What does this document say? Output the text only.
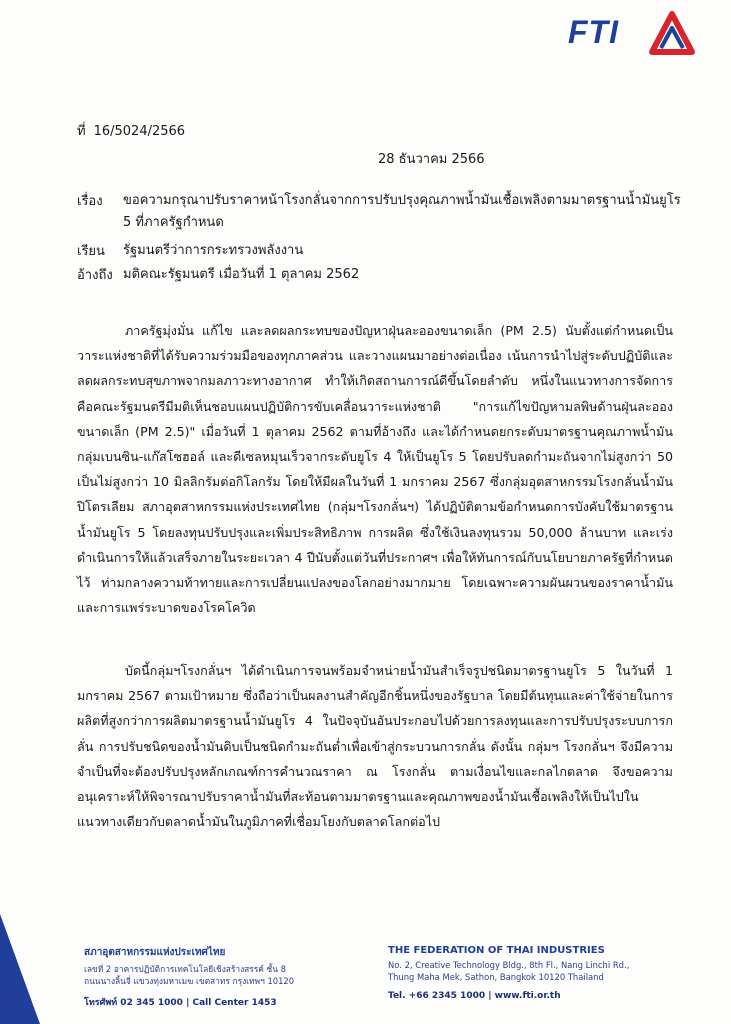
FTI
ที่ 16/5024/2566
28 ธันวาคม 2566
เรื่อง	ขอความกรุณาปรับราคาหน้าโรงกลั่นจากการปรับปรุงคุณภาพน้ำมันเชื้อเพลิงตามมาตรฐานน้ำมันยูโร 5 ที่ภาครัฐกำหนด
เรียน	รัฐมนตรีว่าการกระทรวงพลังงาน
อ้างถึง มติคณะรัฐมนตรี เมื่อวันที่ 1 ตุลาคม 2562
ภาครัฐมุ่งมั่น แก้ไข และลดผลกระทบของปัญหาฝุ่นละอองขนาดเล็ก (PM 2.5) นับตั้งแต่กำหนดเป็นวาระแห่งชาติที่ได้รับความร่วมมือของทุกภาคส่วน และวางแผนมาอย่างต่อเนื่อง เน้นการนำไปสู่ระดับปฏิบัติและลดผลกระทบสุขภาพจากมลภาวะทางอากาศ ทำให้เกิดสถานการณ์ดีขึ้นโดยลำดับ หนึ่งในแนวทางการจัดการ คือคณะรัฐมนตรีมีมติเห็นชอบแผนปฏิบัติการขับเคลื่อนวาระแห่งชาติ "การแก้ไขปัญหามลพิษด้านฝุ่นละอองขนาดเล็ก (PM 2.5)" เมื่อวันที่ 1 ตุลาคม 2562 ตามที่อ้างถึง และได้กำหนดยกระดับมาตรฐานคุณภาพน้ำมันกลุ่มเบนซิน-แก๊สโซฮอล์ และดีเซลหมุนเร็วจากระดับยูโร 4 ให้เป็นยูโร 5 โดยปรับลดกำมะถันจากไม่สูงกว่า 50 เป็นไม่สูงกว่า 10 มิลลิกรัมต่อกิโลกรัม โดยให้มีผลในวันที่ 1 มกราคม 2567 ซึ่งกลุ่มอุตสาหกรรมโรงกลั่นน้ำมันปิโตรเลียม สภาอุตสาหกรรมแห่งประเทศไทย (กลุ่มฯโรงกลั่นฯ) ได้ปฏิบัติตามข้อกำหนดการบังคับใช้มาตรฐานน้ำมันยูโร 5 โดยลงทุนปรับปรุงและเพิ่มประสิทธิภาพ การผลิต ซึ่งใช้เงินลงทุนรวม 50,000 ล้านบาท และเร่งดำเนินการให้แล้วเสร็จภายในระยะเวลา 4 ปีนับตั้งแต่วันที่ประกาศฯ เพื่อให้ทันการณ์กับนโยบายภาครัฐที่กำหนดไว้ ท่ามกลางความท้าทายและการเปลี่ยนแปลงของโลกอย่างมากมาย โดยเฉพาะความผันผวนของราคาน้ำมันและการแพร่ระบาดของโรคโควิด
บัดนี้กลุ่มฯโรงกลั่นฯ ได้ดำเนินการจนพร้อมจำหน่ายน้ำมันสำเร็จรูปชนิดมาตรฐานยูโร 5 ในวันที่ 1 มกราคม 2567 ตามเป้าหมาย ซึ่งถือว่าเป็นผลงานสำคัญอีกชิ้นหนึ่งของรัฐบาล โดยมีต้นทุนและค่าใช้จ่ายในการผลิตที่สูงกว่าการผลิตมาตรฐานน้ำมันยูโร 4 ในปัจจุบันอันประกอบไปด้วยการลงทุนและการปรับปรุงระบบการกลั่น การปรับชนิดของน้ำมันดิบเป็นชนิดกำมะถันต่ำเพื่อเข้าสู่กระบวนการกลั่น ดังนั้น กลุ่มฯ โรงกลั่นฯ จึงมีความจำเป็นที่จะต้องปรับปรุงหลักเกณฑ์การคำนวณราคา ณ โรงกลั่น ตามเงื่อนไขและกลไกตลาด จึงขอความอนุเคราะห์ให้พิจารณาปรับราคาน้ำมันที่สะท้อนตามมาตรฐานและคุณภาพของน้ำมันเชื้อเพลิงให้เป็นไปในแนวทางเดียวกับตลาดน้ำมันในภูมิภาคที่เชื่อมโยงกับตลาดโลกต่อไป
สภาอุตสาหกรรมแห่งประเทศไทย
เลขที่ 2 อาคารปฏิบัติการเทคโนโลยีเชิงสร้างสรรค์ ชั้น 8
ถนนนางลิ้นจี่ แขวงทุ่งมหาเมฆ เขตสาทร กรุงเทพฯ 10120
โทรศัพท์ 02 345 1000 | Call Center 1453
THE FEDERATION OF THAI INDUSTRIES
No. 2, Creative Technology Bldg., 8th Fl., Nang Linchi Rd.,
Thung Maha Mek, Sathon, Bangkok 10120 Thailand
Tel. +66 2345 1000 | www.fti.or.th
